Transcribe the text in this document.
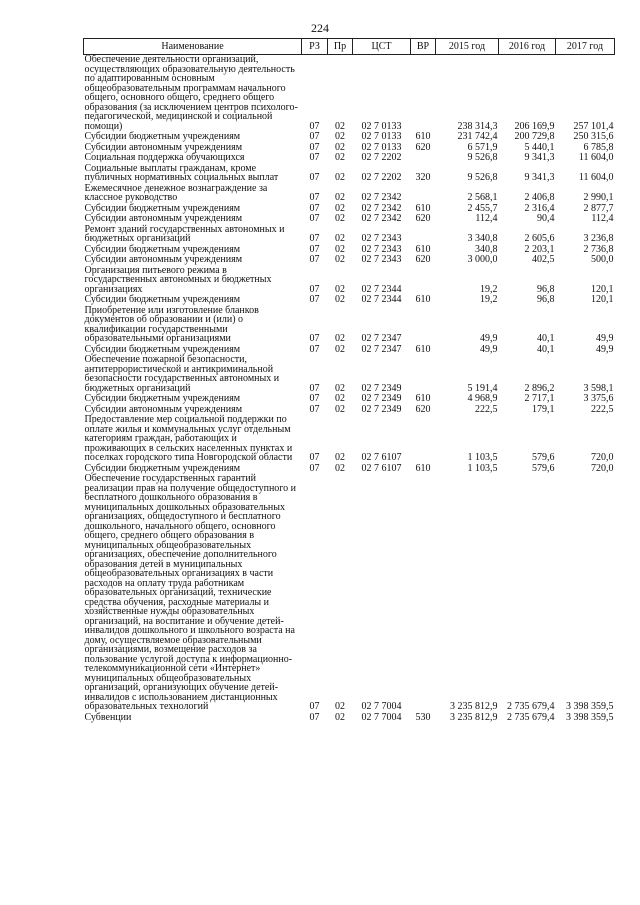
224
Наименование	РЗ	Пр	ЦСТ	ВР	2015 год	2016 год	2017 год
Обеспечение деятельности организаций, осуществляющих образовательную деятельность по адаптированным основным общеобразовательным программам начального общего, основного общего, среднего общего образования (за исключением центров психолого-педагогической, медицинской и социальной помощи)	07	02	02 7 0133		238 314,3	206 169,9	257 101,4

Субсидии бюджетным учреждениям	07	02	02 7 0133	610	231 742,4	200 729,8	250 315,6

Субсидии автономным учреждениям	07	02	02 7 0133	620	6 571,9	5 440,1	6 785,8

Социальная поддержка обучающихся	07	02	02 7 2202		9 526,8	9 341,3	11 604,0

Социальные выплаты гражданам, кроме публичных нормативных социальных выплат	07	02	02 7 2202	320	9 526,8	9 341,3	11 604,0

Ежемесячное денежное вознаграждение за классное руководство	07	02	02 7 2342		2 568,1	2 406,8	2 990,1

Субсидии бюджетным учреждениям	07	02	02 7 2342	610	2 455,7	2 316,4	2 877,7

Субсидии автономным учреждениям	07	02	02 7 2342	620	112,4	90,4	112,4

Ремонт зданий государственных автономных и бюджетных организаций	07	02	02 7 2343		3 340,8	2 605,6	3 236,8

Субсидии бюджетным учреждениям	07	02	02 7 2343	610	340,8	2 203,1	2 736,8

Субсидии автономным учреждениям	07	02	02 7 2343	620	3 000,0	402,5	500,0

Организация питьевого режима в государственных автономных и бюджетных организациях	07	02	02 7 2344		19,2	96,8	120,1

Субсидии бюджетным учреждениям	07	02	02 7 2344	610	19,2	96,8	120,1

Приобретение или изготовление бланков документов об образовании и (или) о квалификации государственными образовательными организациями	07	02	02 7 2347		49,9	40,1	49,9

Субсидии бюджетным учреждениям	07	02	02 7 2347	610	49,9	40,1	49,9

Обеспечение пожарной безопасности, антитеррористической и антикриминальной безопасности государственных автономных и бюджетных организаций	07	02	02 7 2349		5 191,4	2 896,2	3 598,1

Субсидии бюджетным учреждениям	07	02	02 7 2349	610	4 968,9	2 717,1	3 375,6

Субсидии автономным учреждениям	07	02	02 7 2349	620	222,5	179,1	222,5

Предоставление мер социальной поддержки по оплате жилья и коммунальных услуг отдельным категориям граждан, работающих и проживающих в сельских населенных пунктах и поселках городского типа Новгородской области	07	02	02 7 6107		1 103,5	579,6	720,0

Субсидии бюджетным учреждениям	07	02	02 7 6107	610	1 103,5	579,6	720,0

Обеспечение государственных гарантий реализации прав на получение общедоступного и бесплатного дошкольного образования в муниципальных дошкольных образовательных организациях, общедоступного и бесплатного дошкольного, начального общего, основного общего, среднего общего образования в муниципальных общеобразовательных организациях, обеспечение дополнительного образования детей в муниципальных общеобразовательных организациях в части расходов на оплату труда работникам образовательных организаций, технические средства обучения, расходные материалы и хозяйственные нужды образовательных организаций, на воспитание и обучение детей-инвалидов дошкольного и школьного возраста на дому, осуществляемое образовательными организациями, возмещение расходов за пользование услугой доступа к информационно-телекоммуникационной сети «Интернет» муниципальных общеобразовательных организаций, организующих обучение детей-инвалидов с использованием дистанционных образовательных технологий	07	02	02 7 7004		3 235 812,9	2 735 679,4	3 398 359,5

Субвенции	07	02	02 7 7004	530	3 235 812,9	2 735 679,4	3 398 359,5
